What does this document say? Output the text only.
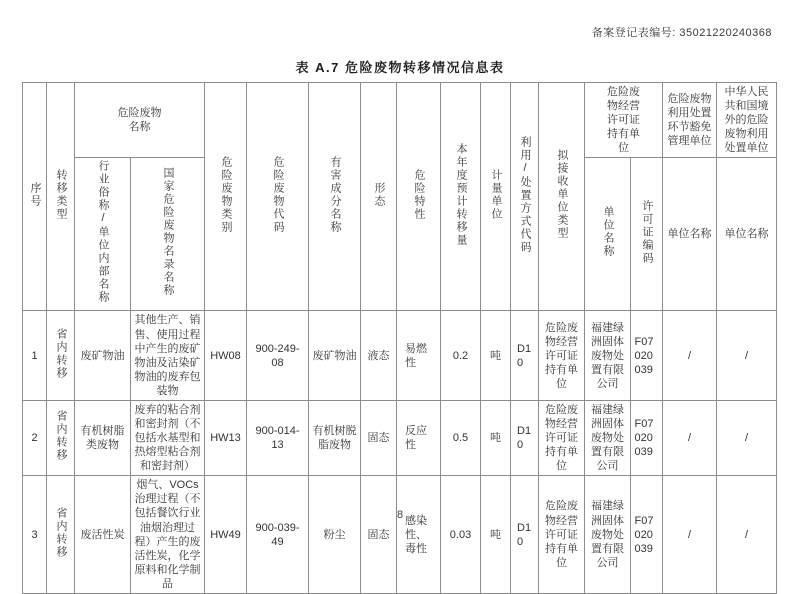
备案登记表编号: 35021220240368
表 A.7 危险废物转移情况信息表
序号	转移类型	危险废物名称		危险废物类别	危险废物代码	有害成分名称	形态	危险特性	本年度预计转移量	计量单位	利用/处置方式代码	拟接收单位类型	危险废物经营许可证持有单位		危险废物利用处置环节豁免管理单位	中华人民共和国境外的危险废物利用处置单位
		行业俗称/单位内部名称	国家危险废物名录名称										单位名称	许可证编码	单位名称	单位名称
1	省内转移	废矿物油	其他生产、销售、使用过程中产生的废矿物油及沾染矿物油的废弃包装物	HW08	900-249-08	废矿物油	液态	易燃性	0.2	吨	D10	危险废物经营许可证持有单位	福建绿洲固体废物处置有限公司	F07020039	/	/
2	省内转移	有机树脂类废物	废弃的粘合剂和密封剂（不包括水基型和热熔型粘合剂和密封剂）	HW13	900-014-13	有机树脱脂废物	固态	反应性	0.5	吨	D10	危险废物经营许可证持有单位	福建绿洲固体废物处置有限公司	F07020039	/	/
3	省内转移	废活性炭	烟气、VOCs治理过程（不包括餐饮行业油烟治理过程）产生的废活性炭，化学原料和化学制品	HW49	900-039-49	粉尘	固态	感染性、毒性	0.03	吨	D10	危险废物经营许可证持有单位	福建绿洲固体废物处置有限公司	F07020039	/	/
8
